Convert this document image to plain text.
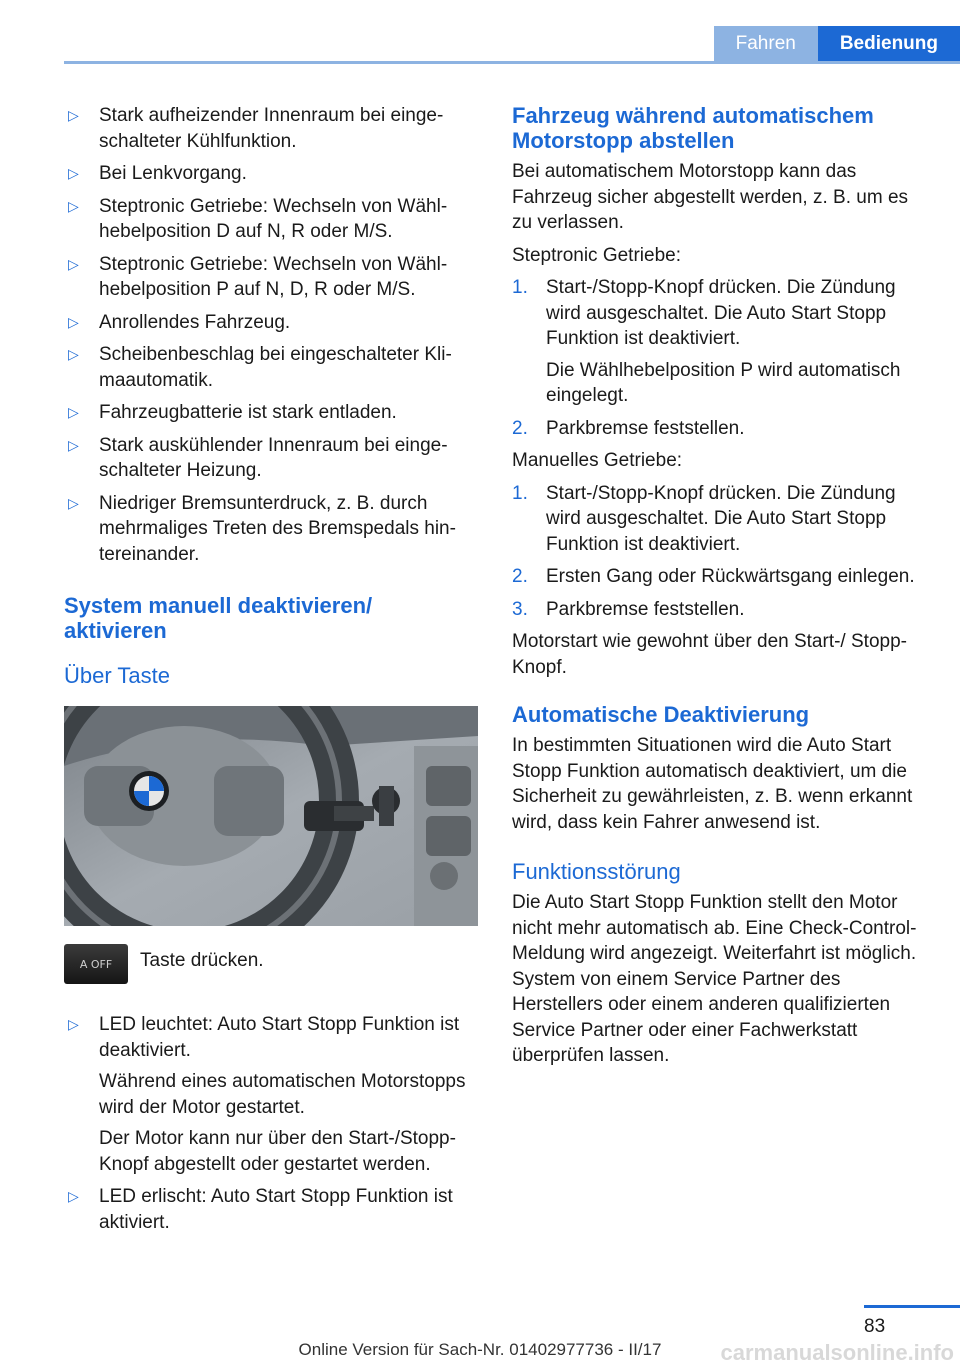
Fahren	Bedienung
▷ Stark aufheizender Innenraum bei eingeschalteter Kühlfunktion.
▷ Bei Lenkvorgang.
▷ Steptronic Getriebe: Wechseln von Wählhebelposition D auf N, R oder M/S.
▷ Steptronic Getriebe: Wechseln von Wählhebelposition P auf N, D, R oder M/S.
▷ Anrollendes Fahrzeug.
▷ Scheibenbeschlag bei eingeschalteter Klimaautomatik.
▷ Fahrzeugbatterie ist stark entladen.
▷ Stark auskühlender Innenraum bei eingeschalteter Heizung.
▷ Niedriger Bremsunterdruck, z. B. durch mehrmaliges Treten des Bremspedals hintereinander.
System manuell deaktivieren/ aktivieren
Über Taste
A OFF Taste drücken.
▷ LED leuchtet: Auto Start Stopp Funktion ist deaktiviert.
Während eines automatischen Motorstopps wird der Motor gestartet.
Der Motor kann nur über den Start-/Stopp-Knopf abgestellt oder gestartet werden.
▷ LED erlischt: Auto Start Stopp Funktion ist aktiviert.
Fahrzeug während automatischem Motorstopp abstellen

Bei automatischem Motorstopp kann das Fahrzeug sicher abgestellt werden, z. B. um es zu verlassen.

Steptronic Getriebe:

1. Start-/Stopp-Knopf drücken. Die Zündung wird ausgeschaltet. Die Auto Start Stopp Funktion ist deaktiviert.
Die Wählhebelposition P wird automatisch eingelegt.
2. Parkbremse feststellen.

Manuelles Getriebe:

1. Start-/Stopp-Knopf drücken. Die Zündung wird ausgeschaltet. Die Auto Start Stopp Funktion ist deaktiviert.
2. Ersten Gang oder Rückwärtsgang einlegen.
3. Parkbremse feststellen.

Motorstart wie gewohnt über den Start-/ Stopp-Knopf.

Automatische Deaktivierung

In bestimmten Situationen wird die Auto Start Stopp Funktion automatisch deaktiviert, um die Sicherheit zu gewährleisten, z. B. wenn erkannt wird, dass kein Fahrer anwesend ist.

Funktionsstörung

Die Auto Start Stopp Funktion stellt den Motor nicht mehr automatisch ab. Eine Check-Control-Meldung wird angezeigt. Weiterfahrt ist möglich. System von einem Service Partner des Herstellers oder einem anderen qualifizierten Service Partner oder einer Fachwerkstatt überprüfen lassen.

83
Online Version für Sach-Nr. 01402977736 - II/17	carmanualsonline.info
